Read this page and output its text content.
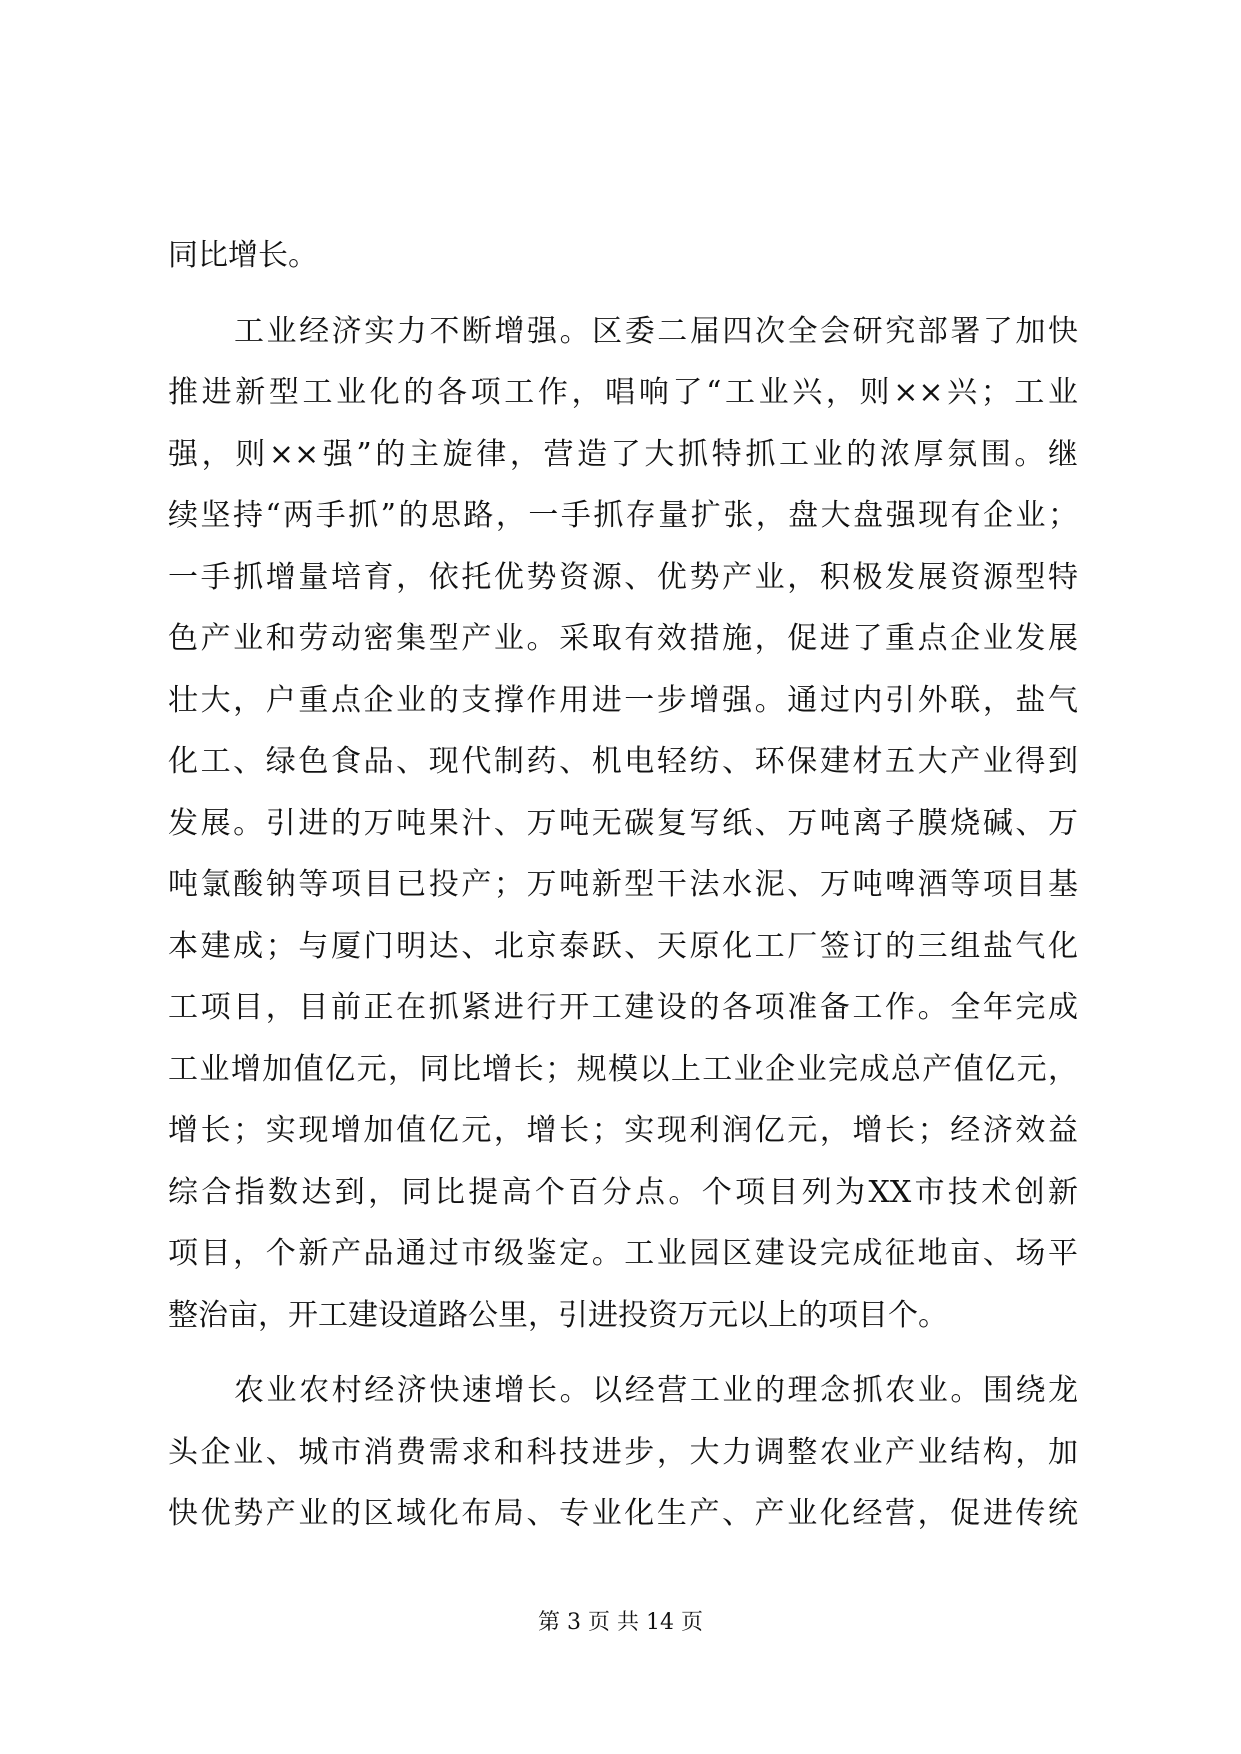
同比增长。
工业经济实力不断增强。区委二届四次全会研究部署了加快
推进新型工业化的各项工作，唱响了“工业兴，则××兴；工业
强，则××强”的主旋律，营造了大抓特抓工业的浓厚氛围。继
续坚持“两手抓”的思路，一手抓存量扩张，盘大盘强现有企业；
一手抓增量培育，依托优势资源、优势产业，积极发展资源型特
色产业和劳动密集型产业。采取有效措施，促进了重点企业发展
壮大，户重点企业的支撑作用进一步增强。通过内引外联，盐气
化工、绿色食品、现代制药、机电轻纺、环保建材五大产业得到
发展。引进的万吨果汁、万吨无碳复写纸、万吨离子膜烧碱、万
吨氯酸钠等项目已投产；万吨新型干法水泥、万吨啤酒等项目基
本建成；与厦门明达、北京泰跃、天原化工厂签订的三组盐气化
工项目，目前正在抓紧进行开工建设的各项准备工作。全年完成
工业增加值亿元，同比增长；规模以上工业企业完成总产值亿元，
增长；实现增加值亿元，增长；实现利润亿元，增长；经济效益
综合指数达到，同比提高个百分点。个项目列为XX市技术创新
项目，个新产品通过市级鉴定。工业园区建设完成征地亩、场平
整治亩，开工建设道路公里，引进投资万元以上的项目个。
农业农村经济快速增长。以经营工业的理念抓农业。围绕龙
头企业、城市消费需求和科技进步，大力调整农业产业结构，加
快优势产业的区域化布局、专业化生产、产业化经营，促进传统
第 3 页 共 14 页
